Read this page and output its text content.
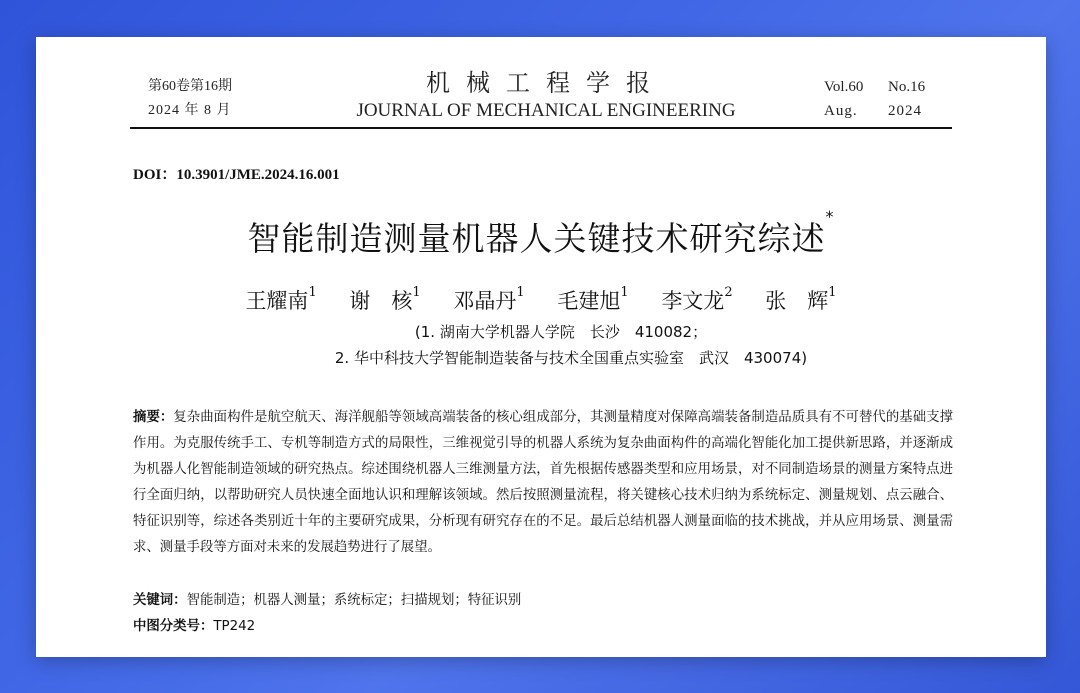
第60卷第16期
2024 年 8 月
机械工程学报
JOURNAL OF MECHANICAL ENGINEERING
Vol.60 No.16
Aug. 2024
DOI：10.3901/JME.2024.16.001
智能制造测量机器人关键技术研究综述*
王耀南$^1$ 谢　核$^1$ 邓晶丹$^1$ 毛建旭$^1$ 李文龙$^2$ 张　辉$^1$
(1. 湖南大学机器人学院　长沙　410082；
2. 华中科技大学智能制造装备与技术全国重点实验室　武汉　430074)
摘要：复杂曲面构件是航空航天、海洋舰船等领域高端装备的核心组成部分，其测量精度对保障高端装备制造品质具有不可替代的基础支撑作用。为克服传统手工、专机等制造方式的局限性，三维视觉引导的机器人系统为复杂曲面构件的高端化智能化加工提供新思路，并逐渐成为机器人化智能制造领域的研究热点。综述围绕机器人三维测量方法，首先根据传感器类型和应用场景，对不同制造场景的测量方案特点进行全面归纳，以帮助研究人员快速全面地认识和理解该领域。然后按照测量流程，将关键核心技术归纳为系统标定、测量规划、点云融合、特征识别等，综述各类别近十年的主要研究成果，分析现有研究存在的不足。最后总结机器人测量面临的技术挑战，并从应用场景、测量需求、测量手段等方面对未来的发展趋势进行了展望。
关键词：智能制造；机器人测量；系统标定；扫描规划；特征识别
中图分类号：TP242
